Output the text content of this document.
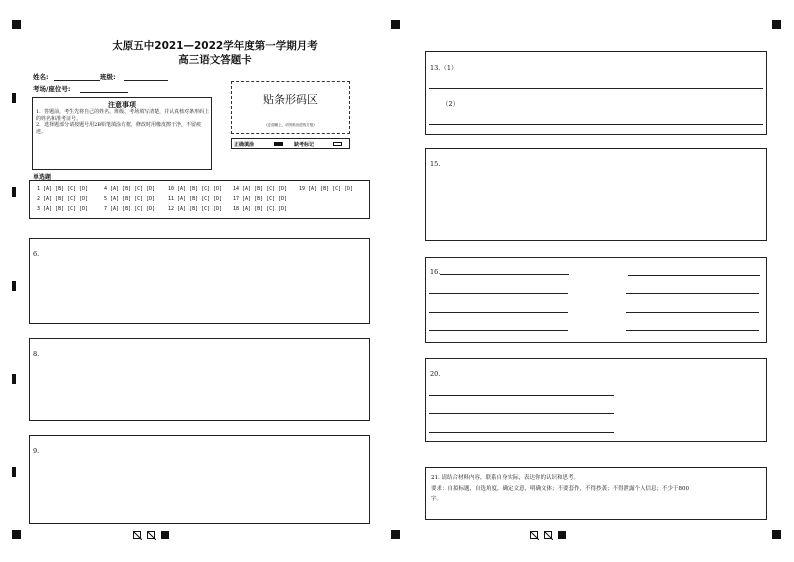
太原五中2021—2022学年度第一学期月考
高三语文答题卡
姓名:	班级:
考场/座位号:
注意事项
1．答题前，考生先将自己的姓名、班级、考场填写清楚，并认真核对条形码上的姓名和准考证号。
2．选择题部分请按题号用2B铅笔填涂方框，修改时用橡皮擦干净，不留痕迹。
贴条形码区
(正面朝上，切勿贴出虚线方框)
正确填涂	缺考标记
单选题
1 [A] [B] [C] [D]	4 [A] [B] [C] [D]	10 [A] [B] [C] [D] 14 [A] [B] [C] [D] 19 [A] [B] [C] [D]
2 [A] [B] [C] [D]	5 [A] [B] [C] [D]	11 [A] [B] [C] [D] 17 [A] [B] [C] [D]
3 [A] [B] [C] [D]	7 [A] [B] [C] [D]	12 [A] [B] [C] [D] 18 [A] [B] [C] [D]
6.
8.
9.
13.（1）
（2）
15.
16.
20.
21. 请结合材料内容，联系自身实际，表达你的认识和思考。
要求：自拟标题，自选角度，确定文意，明确文体；不要套作，不得抄袭；不得泄露个人信息；不少于800
字。
